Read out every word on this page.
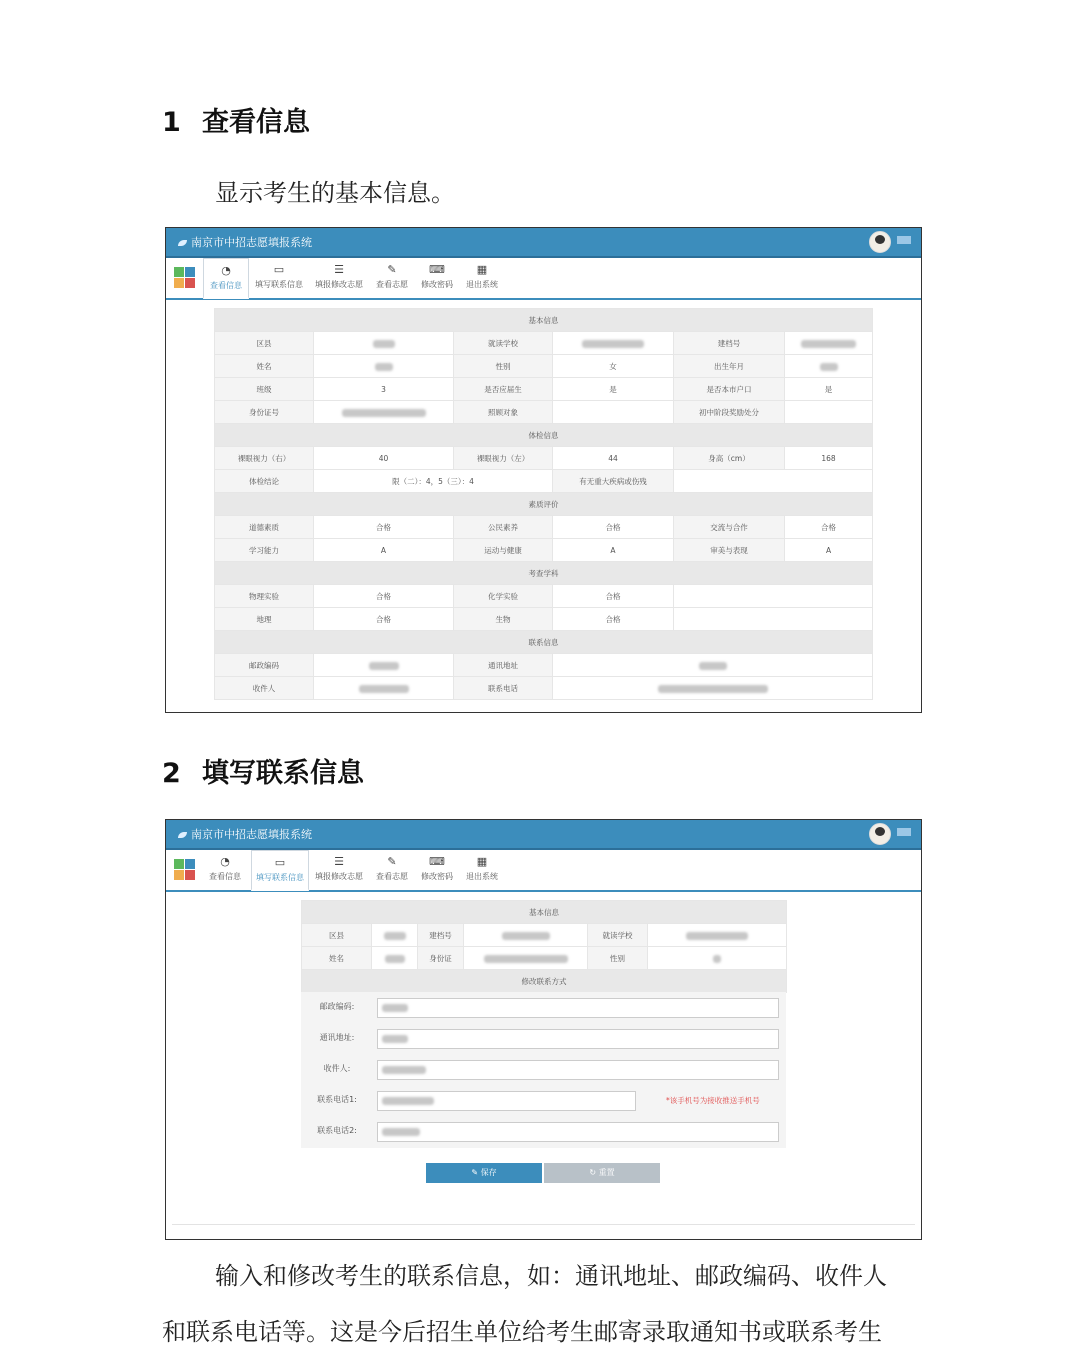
1 查看信息
显示考生的基本信息。
南京市中招志愿填报系统
◔
查看信息
▭
填写联系信息
☰
填报修改志愿
✎
查看志愿
⌨
修改密码
▦
退出系统
基本信息					
区县		就读学校		建档号	
姓名		性别	女	出生年月	
班级	3	是否应届生	是	是否本市户口	是
身份证号		照顾对象		初中阶段奖励处分	
体检信息					
裸眼视力（右）	40	裸眼视力（左）	44	身高（cm）	168
体检结论	限（二）：4，5（三）：4		有无重大疾病或伤残		
素质评价					
道德素质	合格	公民素养	合格	交流与合作	合格
学习能力	A	运动与健康	A	审美与表现	A
考查学科					
物理实验	合格	化学实验	合格		
地理	合格	生物	合格		
联系信息					
邮政编码		通讯地址			
收件人		联系电话			
2 填写联系信息
南京市中招志愿填报系统
◔
查看信息
▭
填写联系信息
☰
填报修改志愿
✎
查看志愿
⌨
修改密码
▦
退出系统
基本信息					
区县		建档号		就读学校	
姓名		身份证		性别	
修改联系方式					
邮政编码:
通讯地址:
收件人:
联系电话1:	*该手机号为接收推送手机号
联系电话2:
✎ 保存	↻ 重置
输入和修改考生的联系信息，如：通讯地址、邮政编码、收件人
和联系电话等。这是今后招生单位给考生邮寄录取通知书或联系考生
